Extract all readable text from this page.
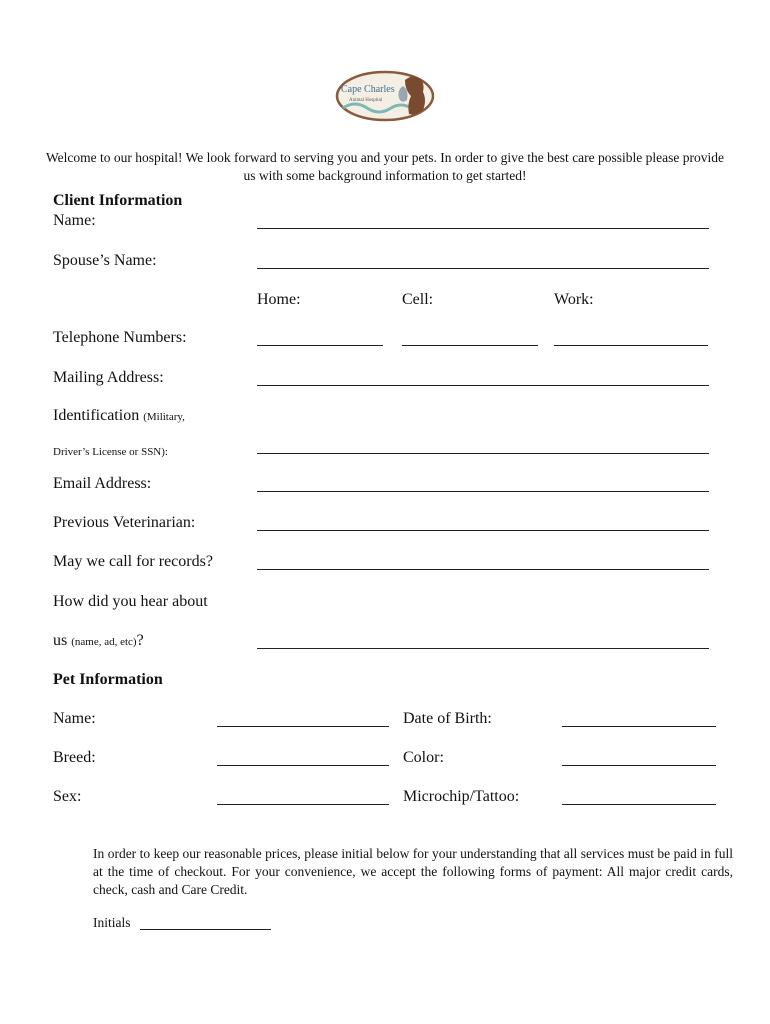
Cape Charles
Animal Hospital
Welcome to our hospital! We look forward to serving you and your pets. In order to give the best care possible please provide us with some background information to get started!
Client Information
Name:
Spouse’s Name:
Home:	Cell:	Work:
Telephone Numbers:
Mailing Address:
Identification (Military,
Driver’s License or SSN):
Email Address:
Previous Veterinarian:
May we call for records?
How did you hear about
us (name, ad, etc)?
Pet Information
Name:	Date of Birth:
Breed:	Color:
Sex:	Microchip/Tattoo:
In order to keep our reasonable prices, please initial below for your understanding that all services must be paid in full at the time of checkout. For your convenience, we accept the following forms of payment: All major credit cards, check, cash and Care Credit.
Initials
